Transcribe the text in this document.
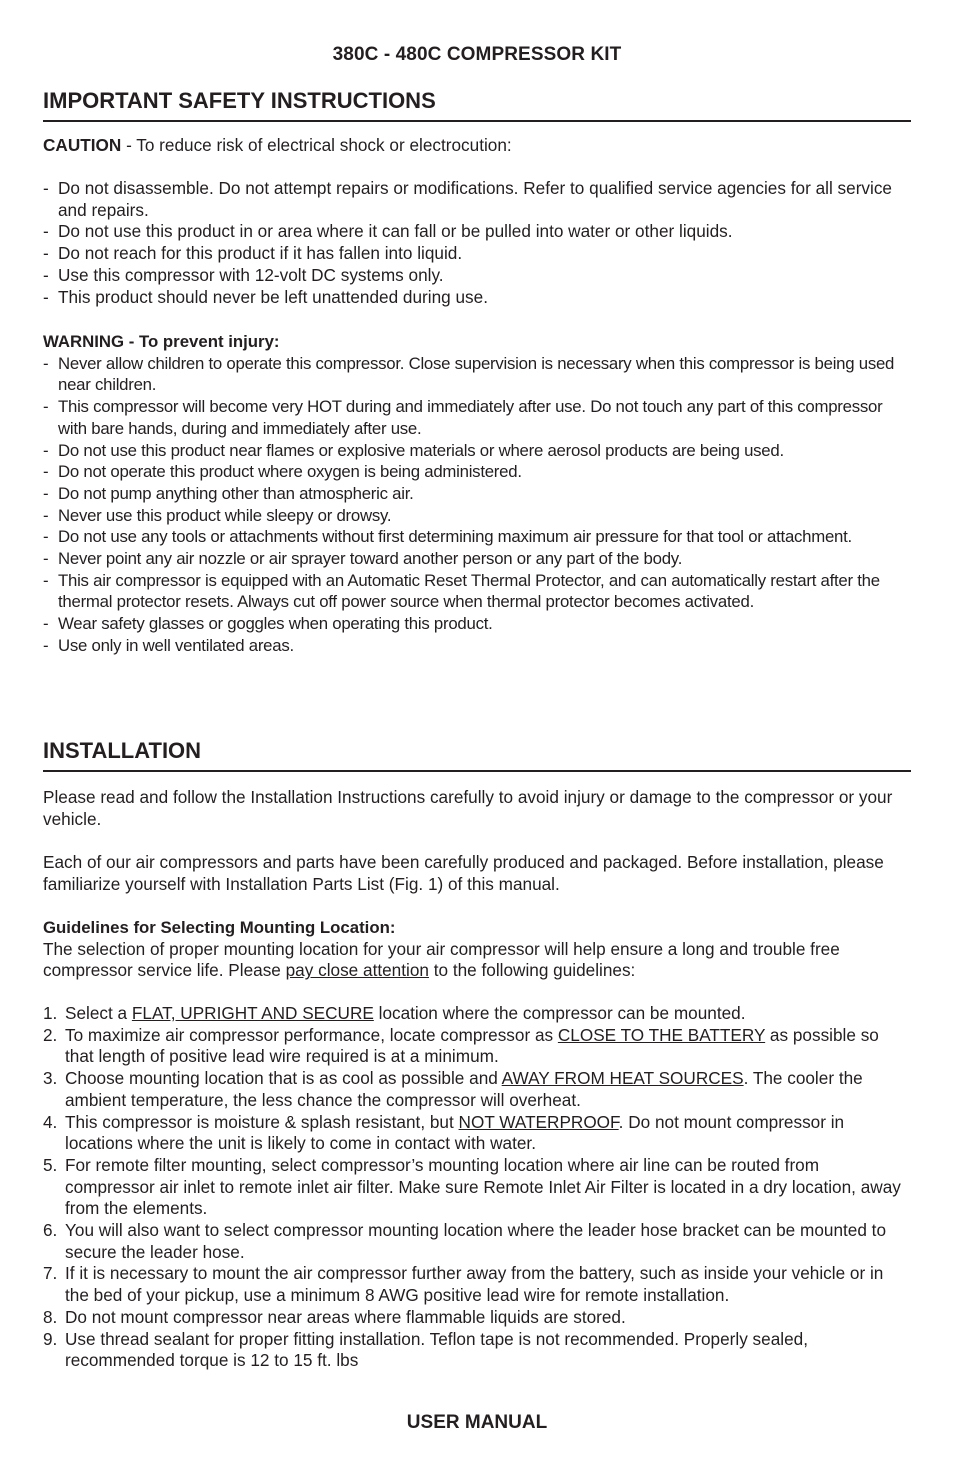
380C - 480C COMPRESSOR KIT
IMPORTANT SAFETY INSTRUCTIONS

CAUTION - To reduce risk of electrical shock or electrocution:

- Do not disassemble. Do not attempt repairs or modifications. Refer to qualified service agencies for all service and repairs.
- Do not use this product in or area where it can fall or be pulled into water or other liquids.
- Do not reach for this product if it has fallen into liquid.
- Use this compressor with 12-volt DC systems only.
- This product should never be left unattended during use.

WARNING - To prevent injury:

- Never allow children to operate this compressor. Close supervision is necessary when this compressor is being used near children.
- This compressor will become very HOT during and immediately after use. Do not touch any part of this compressor with bare hands, during and immediately after use.
- Do not use this product near flames or explosive materials or where aerosol products are being used.
- Do not operate this product where oxygen is being administered.
- Do not pump anything other than atmospheric air.
- Never use this product while sleepy or drowsy.
- Do not use any tools or attachments without first determining maximum air pressure for that tool or attachment.
- Never point any air nozzle or air sprayer toward another person or any part of the body.
- This air compressor is equipped with an Automatic Reset Thermal Protector, and can automatically restart after the thermal protector resets. Always cut off power source when thermal protector becomes activated.
- Wear safety glasses or goggles when operating this product.
- Use only in well ventilated areas.
INSTALLATION

Please read and follow the Installation Instructions carefully to avoid injury or damage to the compressor or your vehicle.

Each of our air compressors and parts have been carefully produced and packaged. Before installation, please familiarize yourself with Installation Parts List (Fig. 1) of this manual.

Guidelines for Selecting Mounting Location:

The selection of proper mounting location for your air compressor will help ensure a long and trouble free compressor service life. Please pay close attention to the following guidelines:

1. Select a FLAT, UPRIGHT AND SECURE location where the compressor can be mounted.
2. To maximize air compressor performance, locate compressor as CLOSE TO THE BATTERY as possible so that length of positive lead wire required is at a minimum.
3. Choose mounting location that is as cool as possible and AWAY FROM HEAT SOURCES. The cooler the ambient temperature, the less chance the compressor will overheat.
4. This compressor is moisture & splash resistant, but NOT WATERPROOF. Do not mount compressor in locations where the unit is likely to come in contact with water.
5. For remote filter mounting, select compressor’s mounting location where air line can be routed from compressor air inlet to remote inlet air filter. Make sure Remote Inlet Air Filter is located in a dry location, away from the elements.
6. You will also want to select compressor mounting location where the leader hose bracket can be mounted to secure the leader hose.
7. If it is necessary to mount the air compressor further away from the battery, such as inside your vehicle or in the bed of your pickup, use a minimum 8 AWG positive lead wire for remote installation.
8. Do not mount compressor near areas where flammable liquids are stored.
9. Use thread sealant for proper fitting installation. Teflon tape is not recommended. Properly sealed, recommended torque is 12 to 15 ft. lbs
USER MANUAL
